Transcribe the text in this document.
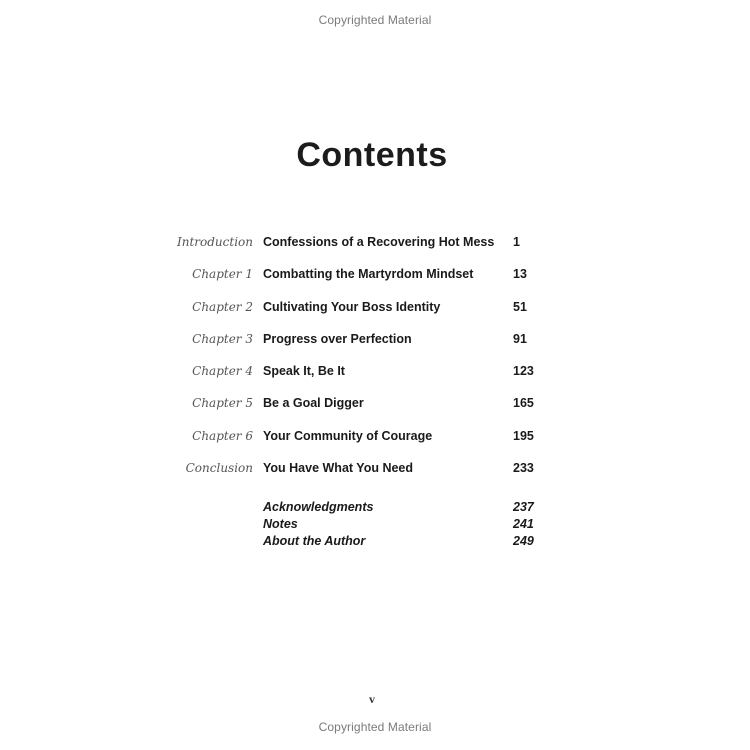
Copyrighted Material
Contents
Introduction Confessions of a Recovering Hot Mess 1
Chapter 1 Combatting the Martyrdom Mindset	13
Chapter 2 Cultivating Your Boss Identity	51
Chapter 3 Progress over Perfection	91
Chapter 4 Speak It, Be It	123
Chapter 5 Be a Goal Digger	165
Chapter 6 Your Community of Courage	195
Conclusion You Have What You Need	233
Acknowledgments	237
Notes	241
About the Author	249
v
Copyrighted Material
